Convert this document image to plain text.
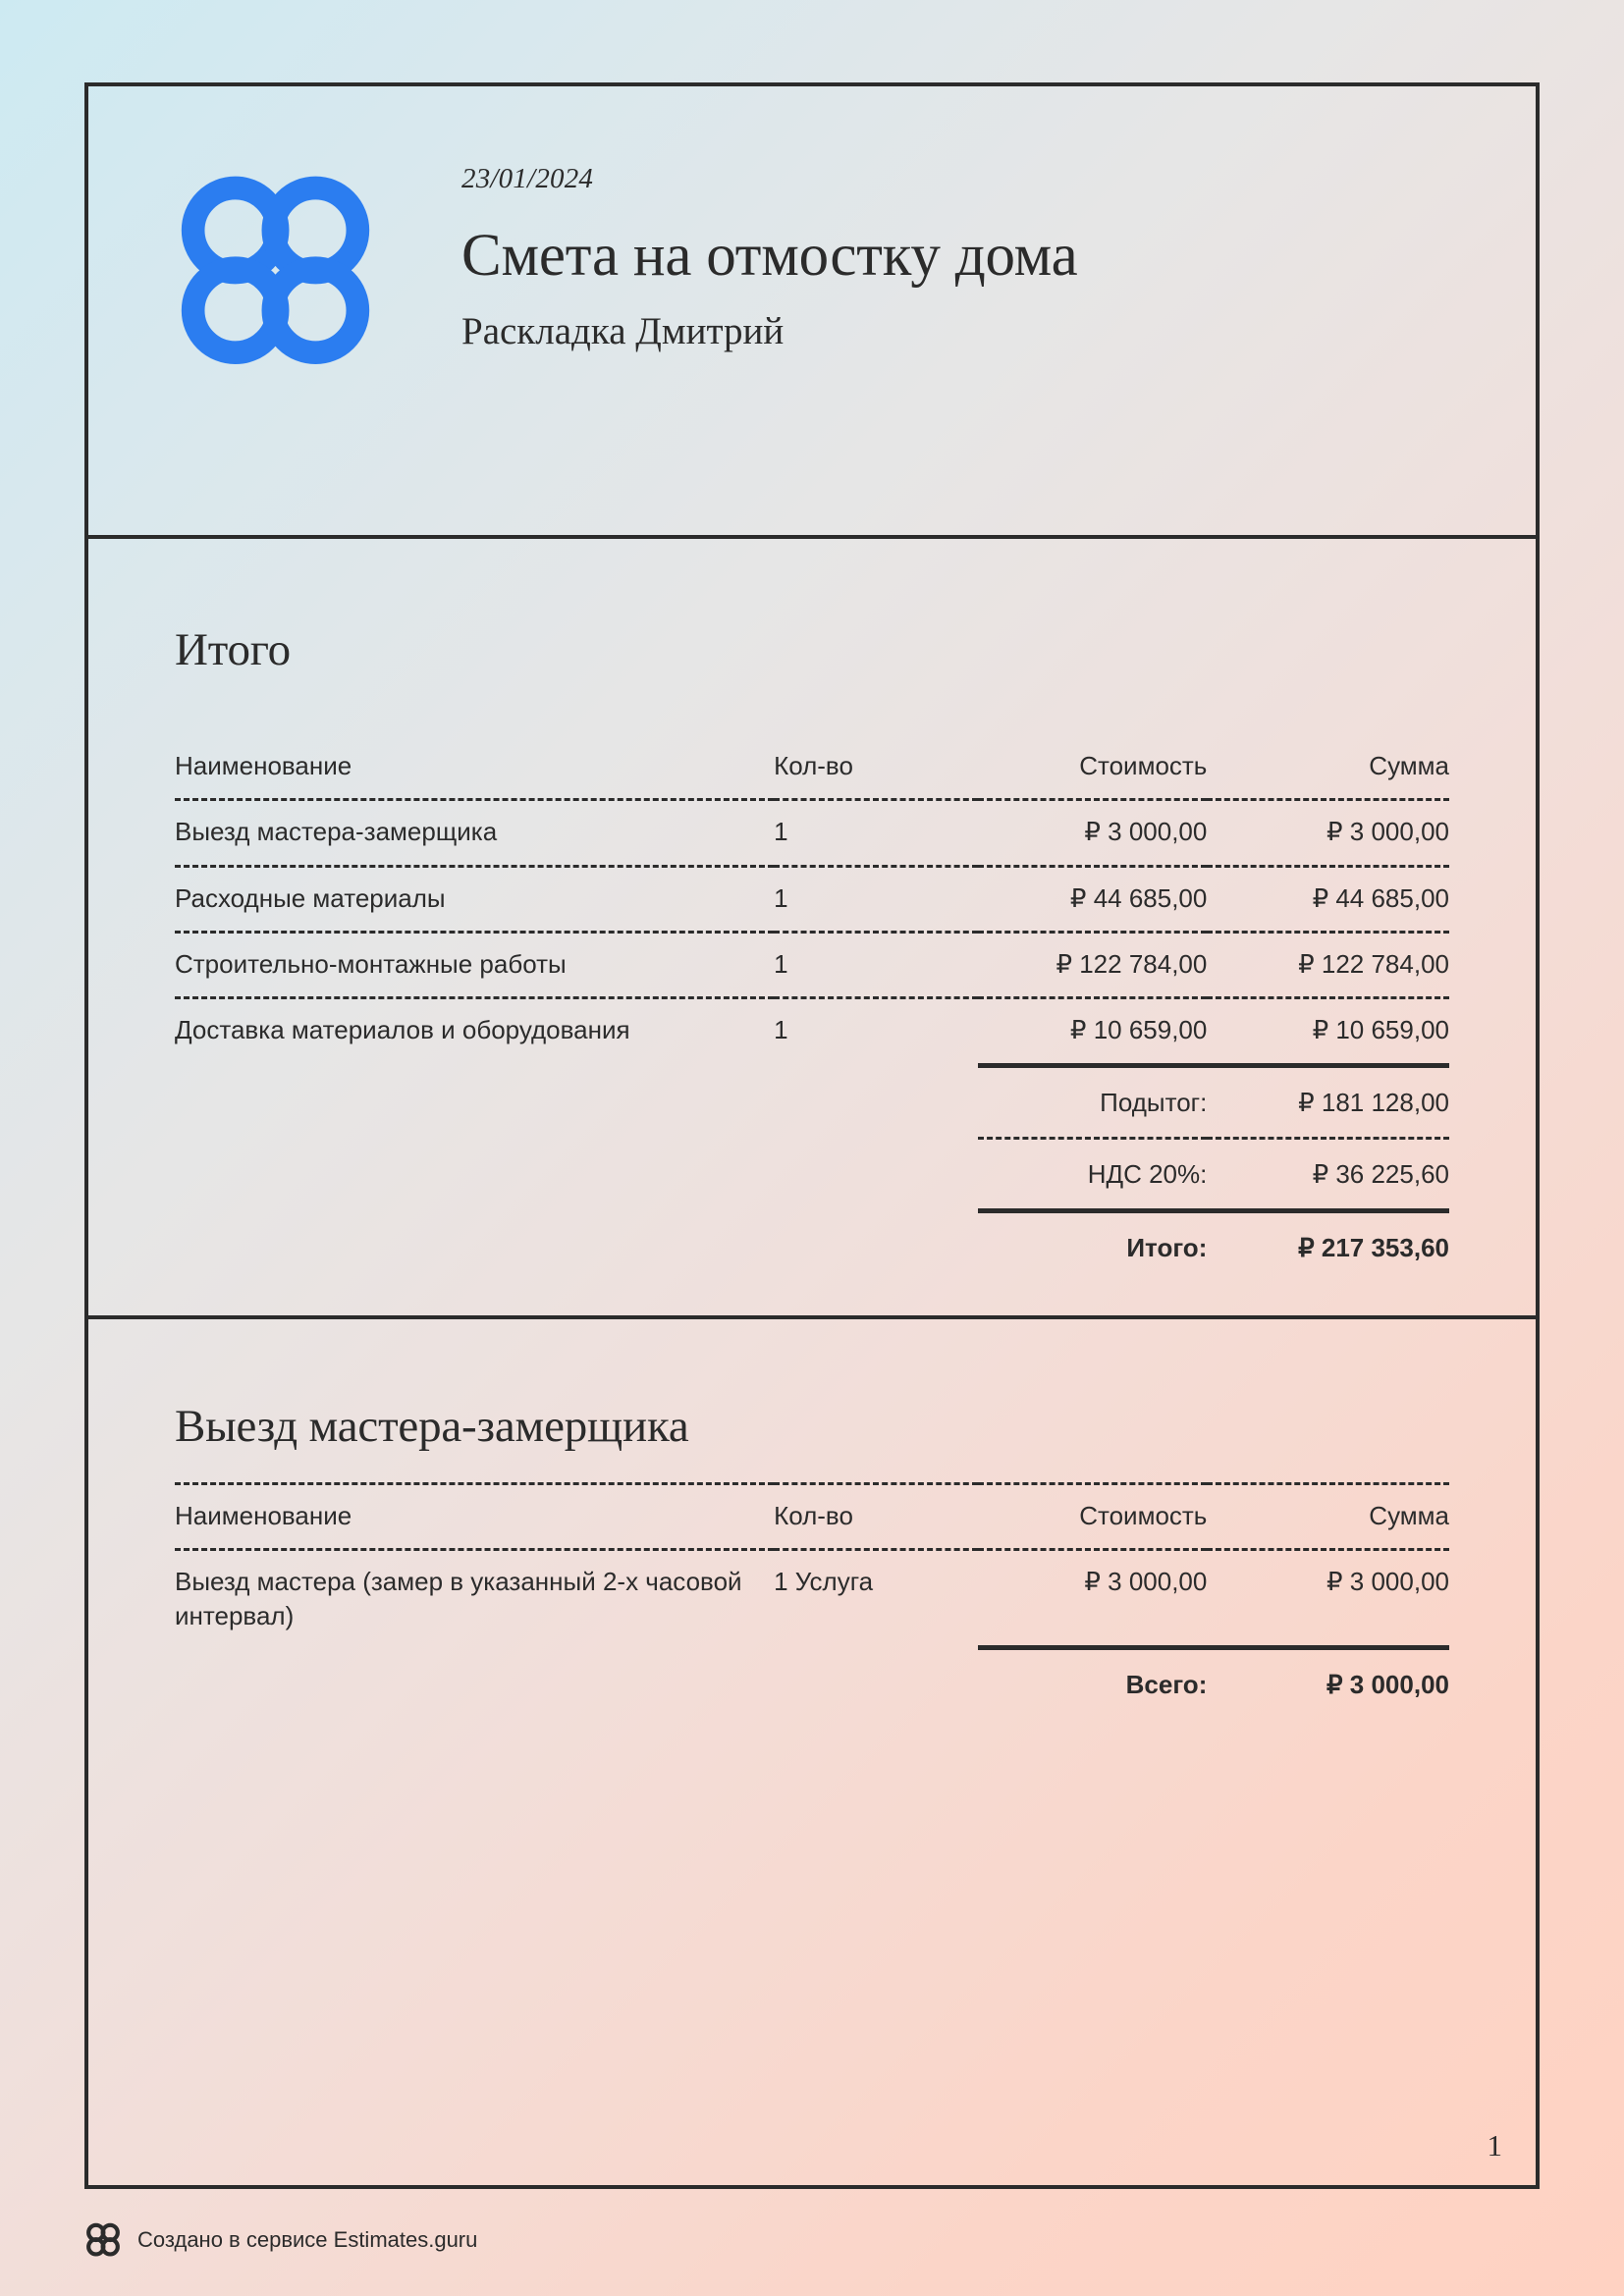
23/01/2024
Смета на отмостку дома
Раскладка Дмитрий
Итого
Наименование	Кол-во	Стоимость	Сумма
Выезд мастера-замерщика	1	₽ 3 000,00	₽ 3 000,00
Расходные материалы	1	₽ 44 685,00	₽ 44 685,00
Строительно-монтажные работы	1	₽ 122 784,00	₽ 122 784,00
Доставка материалов и оборудования	1	₽ 10 659,00	₽ 10 659,00
		Подытог:	₽ 181 128,00
		НДС 20%:	₽ 36 225,60
		Итого:	₽ 217 353,60
Выезд мастера-замерщика
Наименование	Кол-во	Стоимость	Сумма
Выезд мастера (замер в указанный 2-х часовой интервал)	1 Услуга	₽ 3 000,00	₽ 3 000,00
		Всего:	₽ 3 000,00
1
Создано в сервисе Estimates.guru
